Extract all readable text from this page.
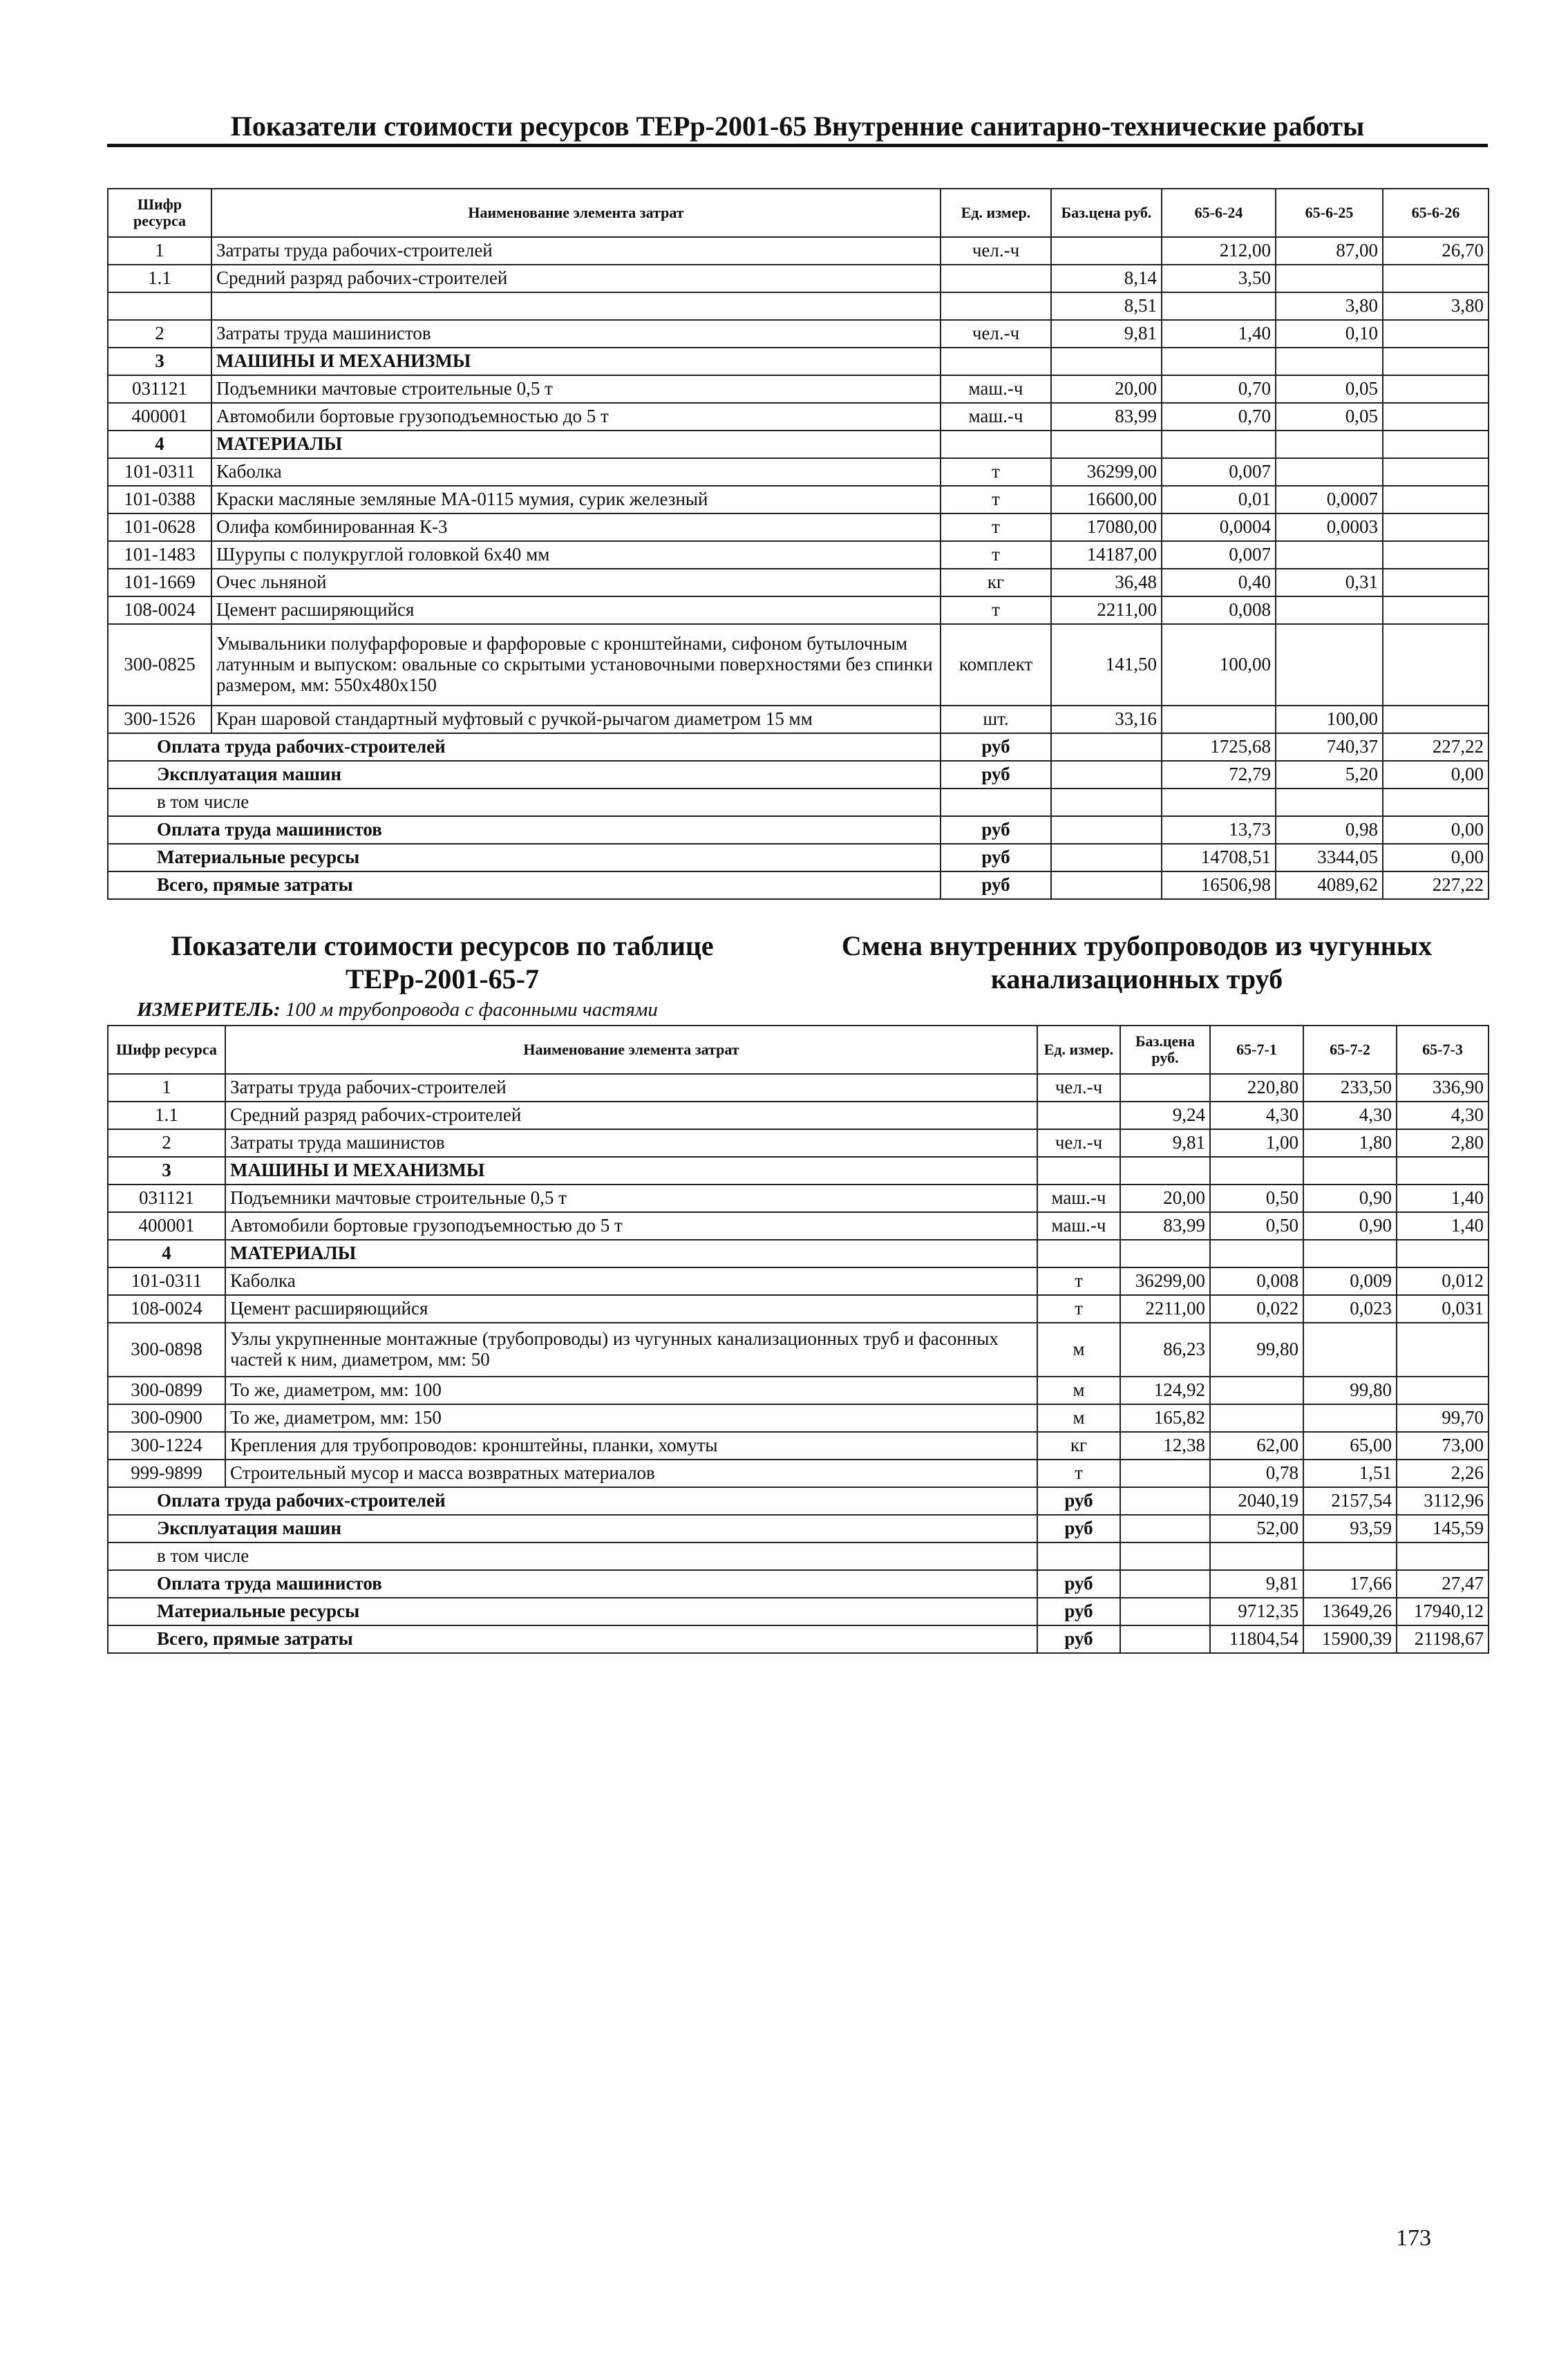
Показатели стоимости ресурсов ТЕРр-2001-65 Внутренние санитарно-технические работы
Шифр ресурса	Наименование элемента затрат	Ед. измер.	Баз.цена руб.	65-6-24	65-6-25	65-6-26
1	Затраты труда рабочих-строителей	чел.-ч		212,00	87,00	26,70
1.1	Средний разряд рабочих-строителей		8,14	3,50		
			8,51		3,80	3,80
2	Затраты труда машинистов	чел.-ч	9,81	1,40	0,10	
3	МАШИНЫ И МЕХАНИЗМЫ					
031121	Подъемники мачтовые строительные 0,5 т	маш.-ч	20,00	0,70	0,05	
400001	Автомобили бортовые грузоподъемностью до 5 т	маш.-ч	83,99	0,70	0,05	
4	МАТЕРИАЛЫ					
101-0311	Каболка	т	36299,00	0,007		
101-0388	Краски масляные земляные МА-0115 мумия, сурик железный	т	16600,00	0,01	0,0007	
101-0628	Олифа комбинированная К-3	т	17080,00	0,0004	0,0003	
101-1483	Шурупы с полукруглой головкой 6х40 мм	т	14187,00	0,007		
101-1669	Очес льняной	кг	36,48	0,40	0,31	
108-0024	Цемент расширяющийся	т	2211,00	0,008		
300-0825	Умывальники полуфарфоровые и фарфоровые с кронштейнами, сифоном бутылочным латунным и выпуском: овальные со скрытыми установочными поверхностями без спинки размером, мм: 550х480х150	комплект	141,50	100,00		
300-1526	Кран шаровой стандартный муфтовый с ручкой-рычагом диаметром 15 мм	шт.	33,16		100,00	
Оплата труда рабочих-строителей		руб		1725,68	740,37	227,22
Эксплуатация машин		руб		72,79	5,20	0,00
в том числе						
Оплата труда машинистов		руб		13,73	0,98	0,00
Материальные ресурсы		руб		14708,51	3344,05	0,00
Всего, прямые затраты		руб		16506,98	4089,62	227,22
Показатели стоимости ресурсов по таблице
ТЕРр-2001-65-7
Смена внутренних трубопроводов из чугунных
канализационных труб
ИЗМЕРИТЕЛЬ: 100 м трубопровода с фасонными частями
Шифр ресурса	Наименование элемента затрат	Ед. измер.	Баз.цена руб.	65-7-1	65-7-2	65-7-3
1	Затраты труда рабочих-строителей	чел.-ч		220,80	233,50	336,90
1.1	Средний разряд рабочих-строителей		9,24	4,30	4,30	4,30
2	Затраты труда машинистов	чел.-ч	9,81	1,00	1,80	2,80
3	МАШИНЫ И МЕХАНИЗМЫ					
031121	Подъемники мачтовые строительные 0,5 т	маш.-ч	20,00	0,50	0,90	1,40
400001	Автомобили бортовые грузоподъемностью до 5 т	маш.-ч	83,99	0,50	0,90	1,40
4	МАТЕРИАЛЫ					
101-0311	Каболка	т	36299,00	0,008	0,009	0,012
108-0024	Цемент расширяющийся	т	2211,00	0,022	0,023	0,031
300-0898	Узлы укрупненные монтажные (трубопроводы) из чугунных канализационных труб и фасонных частей к ним, диаметром, мм: 50	м	86,23	99,80		
300-0899	То же, диаметром, мм: 100	м	124,92		99,80	
300-0900	То же, диаметром, мм: 150	м	165,82			99,70
300-1224	Крепления для трубопроводов: кронштейны, планки, хомуты	кг	12,38	62,00	65,00	73,00
999-9899	Строительный мусор и масса возвратных материалов	т		0,78	1,51	2,26
Оплата труда рабочих-строителей		руб		2040,19	2157,54	3112,96
Эксплуатация машин		руб		52,00	93,59	145,59
в том числе						
Оплата труда машинистов		руб		9,81	17,66	27,47
Материальные ресурсы		руб		9712,35	13649,26	17940,12
Всего, прямые затраты		руб		11804,54	15900,39	21198,67
173
